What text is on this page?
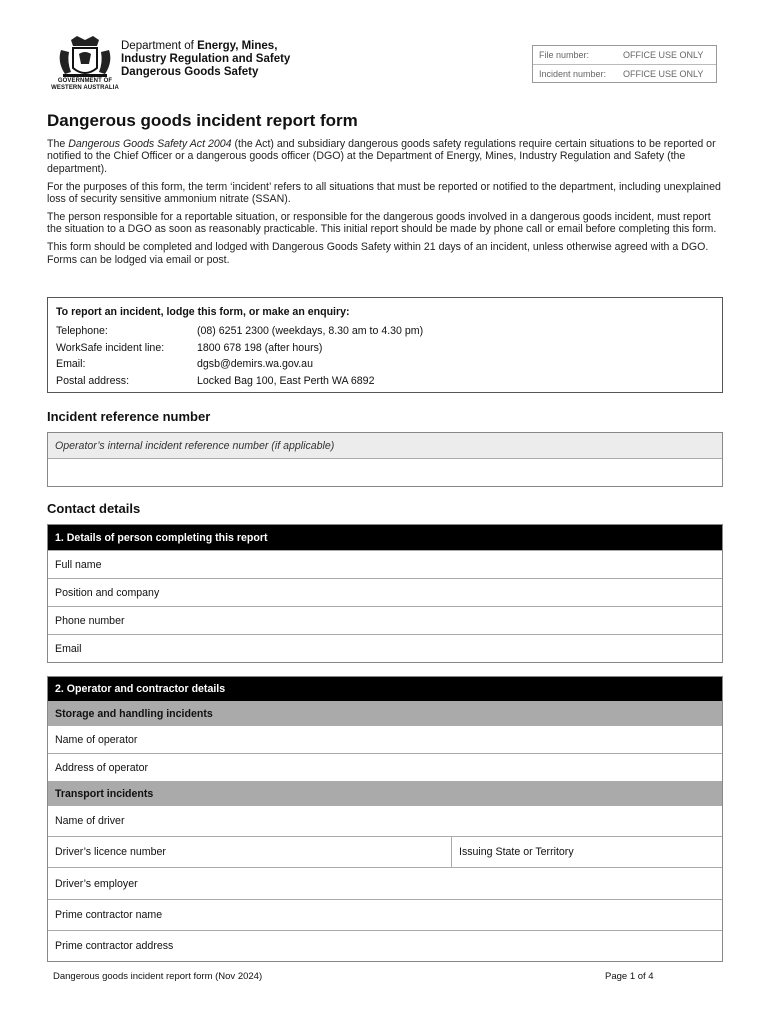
GOVERNMENT OF
WESTERN AUSTRALIA
Department of Energy, Mines,
Industry Regulation and Safety
Dangerous Goods Safety
File number:	OFFICE USE ONLY
Incident number:	OFFICE USE ONLY
Dangerous goods incident report form

The Dangerous Goods Safety Act 2004 (the Act) and subsidiary dangerous goods safety regulations require certain situations to be reported or notified to the Chief Officer or a dangerous goods officer (DGO) at the Department of Energy, Mines, Industry Regulation and Safety (the department).

For the purposes of this form, the term ‘incident’ refers to all situations that must be reported or notified to the department, including unexplained loss of security sensitive ammonium nitrate (SSAN).

The person responsible for a reportable situation, or responsible for the dangerous goods involved in a dangerous goods incident, must report the situation to a DGO as soon as reasonably practicable. This initial report should be made by phone call or email before completing this form.

This form should be completed and lodged with Dangerous Goods Safety within 21 days of an incident, unless otherwise agreed with a DGO. Forms can be lodged via email or post.

To report an incident, lodge this form, or make an enquiry:
Telephone:	(08) 6251 2300 (weekdays, 8.30 am to 4.30 pm)
WorkSafe incident line:	1800 678 198 (after hours)
Email:	dgsb@demirs.wa.gov.au
Postal address:	Locked Bag 100, East Perth WA 6892
Incident reference number
Operator’s internal incident reference number (if applicable)
Contact details
1. Details of person completing this report
Full name
Position and company
Phone number
Email
2. Operator and contractor details
Storage and handling incidents
Name of operator
Address of operator
Transport incidents
Name of driver
Driver’s licence number	Issuing State or Territory
Driver’s employer
Prime contractor name
Prime contractor address
Dangerous goods incident report form (Nov 2024)	Page 1 of 4
